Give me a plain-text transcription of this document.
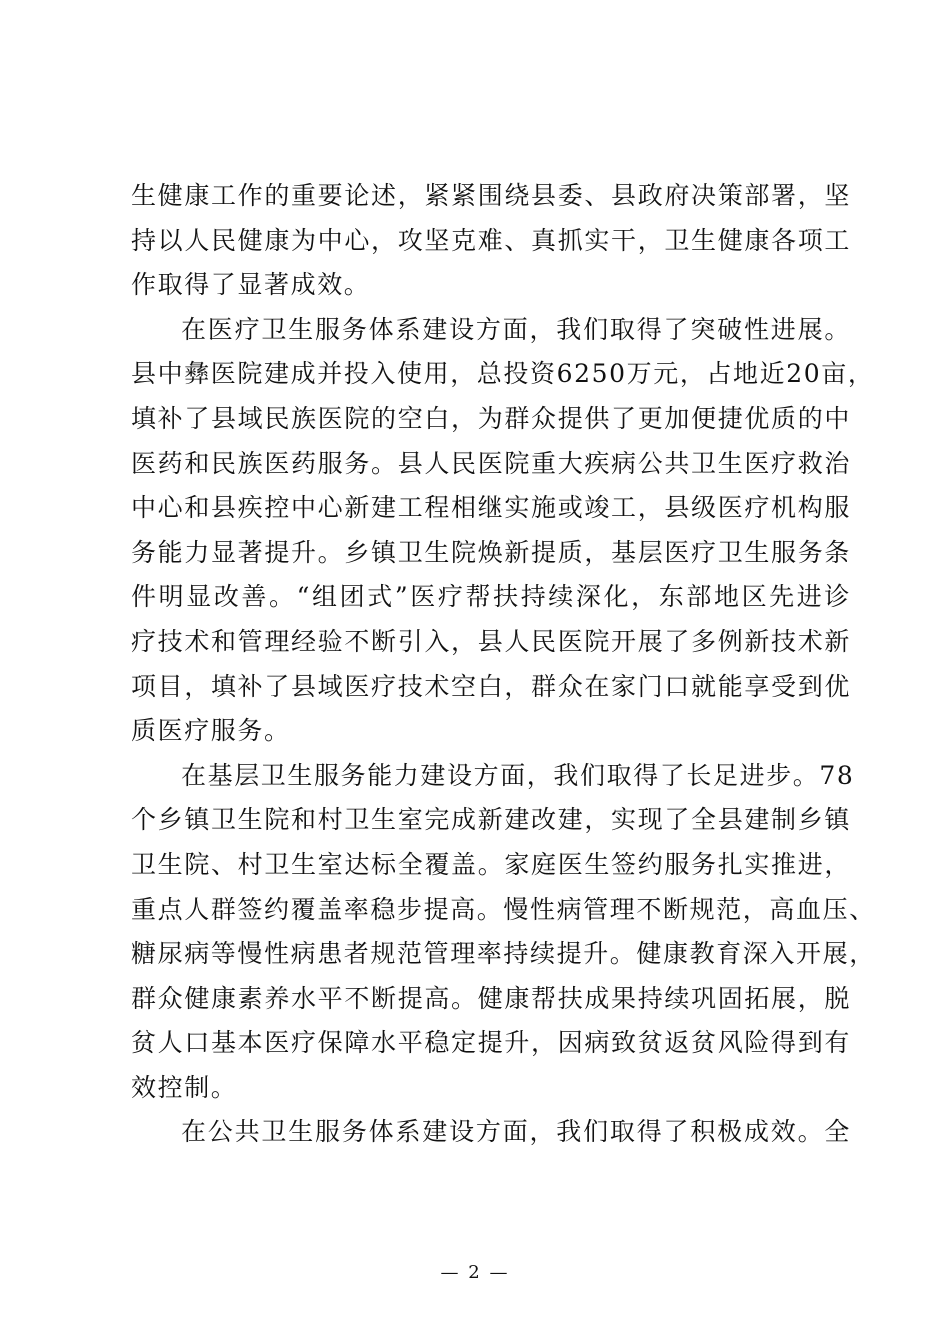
生健康工作的重要论述，紧紧围绕县委、县政府决策部署，坚
持以人民健康为中心，攻坚克难、真抓实干，卫生健康各项工
作取得了显著成效。
在医疗卫生服务体系建设方面，我们取得了突破性进展。
县中彝医院建成并投入使用，总投资6250万元，占地近20亩，
填补了县域民族医院的空白，为群众提供了更加便捷优质的中
医药和民族医药服务。县人民医院重大疾病公共卫生医疗救治
中心和县疾控中心新建工程相继实施或竣工，县级医疗机构服
务能力显著提升。乡镇卫生院焕新提质，基层医疗卫生服务条
件明显改善。“组团式”医疗帮扶持续深化，东部地区先进诊
疗技术和管理经验不断引入，县人民医院开展了多例新技术新
项目，填补了县域医疗技术空白，群众在家门口就能享受到优
质医疗服务。
在基层卫生服务能力建设方面，我们取得了长足进步。78
个乡镇卫生院和村卫生室完成新建改建，实现了全县建制乡镇
卫生院、村卫生室达标全覆盖。家庭医生签约服务扎实推进，
重点人群签约覆盖率稳步提高。慢性病管理不断规范，高血压、
糖尿病等慢性病患者规范管理率持续提升。健康教育深入开展，
群众健康素养水平不断提高。健康帮扶成果持续巩固拓展，脱
贫人口基本医疗保障水平稳定提升，因病致贫返贫风险得到有
效控制。
在公共卫生服务体系建设方面，我们取得了积极成效。全
— 2 —
